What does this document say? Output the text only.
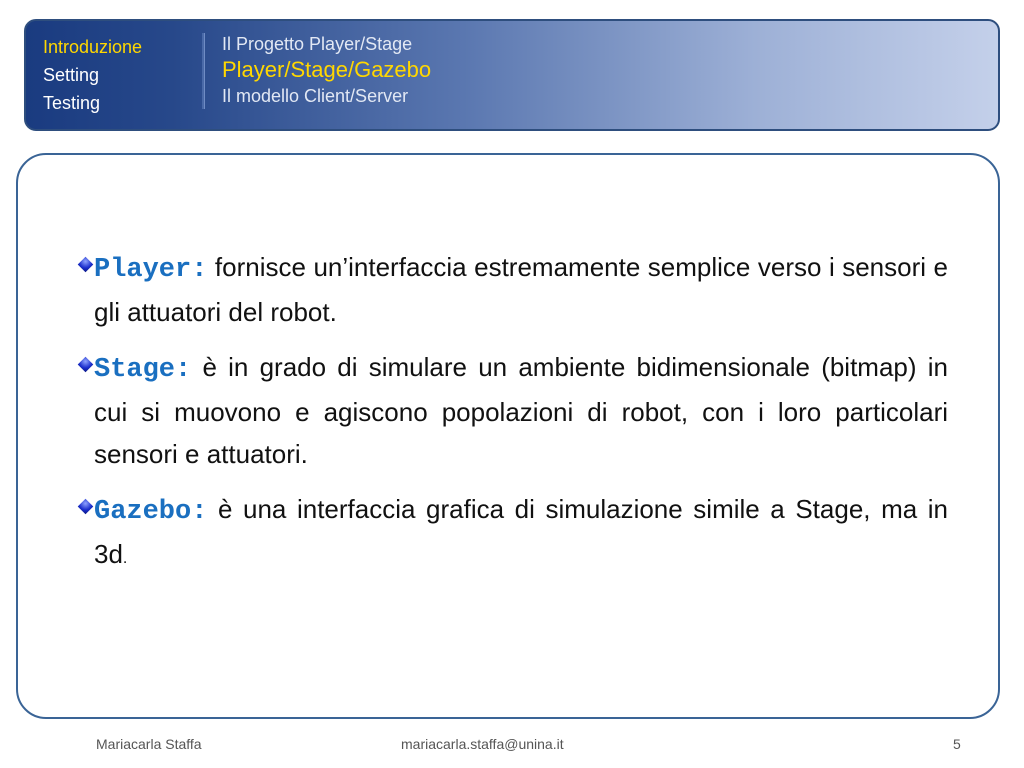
Introduzione
Setting
Testing
Il Progetto Player/Stage
Player/Stage/Gazebo
Il modello Client/Server
Player: fornisce un’interfaccia estremamente semplice verso i sensori e gli attuatori del robot.
Stage: è in grado di simulare un ambiente bidimensionale (bitmap) in cui si muovono e agiscono popolazioni di robot, con i loro particolari sensori e attuatori.
Gazebo: è una interfaccia grafica di simulazione simile a Stage, ma in 3d.
Mariacarla Staffa	mariacarla.staffa@unina.it	5
